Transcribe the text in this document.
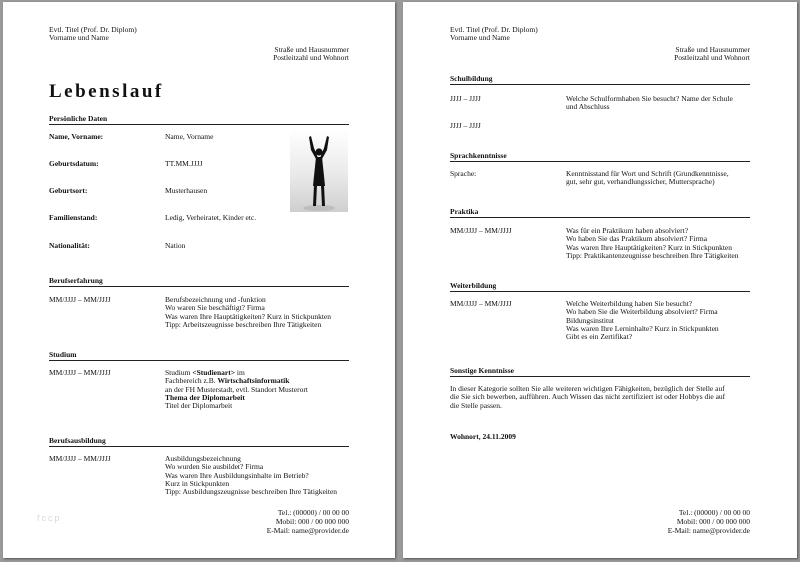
Evtl. Titel (Prof. Dr. Diplom)
Vorname und Name
Straße und Hausnummer
Postleitzahl und Wohnort
Lebenslauf
Persönliche Daten
Name, Vorname:	Name, Vorname
Geburtsdatum:	TT.MM.JJJJ
Geburtsort:	Musterhausen
Familienstand:	Ledig, Verheiratet, Kinder etc.
Nationalität:	Nation
Berufserfahrung
MM/JJJJ – MM/JJJJ	Berufsbezeichnung und -funktion
Wo waren Sie beschäftigt? Firma
Was waren Ihre Hauptätigkeiten? Kurz in Stickpunkten
Tipp: Arbeitszeugnisse beschreiben Ihre Tätigkeiten
Studium
MM/JJJJ – MM/JJJJ	Studium <Studienart> im
Fachbereich z.B. Wirtschaftsinformatik
an der FH Musterstadt, evtl. Standort Musterort
Thema der Diplomarbeit
Titel der Diplomarbeit
Berufsausbildung
MM/JJJJ – MM/JJJJ	Ausbildungsbezeichnung
Wo wurden Sie ausbildet? Firma
Was waren Ihre Ausbildungsinhalte im Betrieb?
Kurz in Stickpunkten
Tipp: Ausbildungszeugnisse beschreiben Ihre Tätigkeiten
fccp
Tel.: (00000) / 00 00 00
Mobil: 000 / 00 000 000
E-Mail: name@provider.de
Evtl. Titel (Prof. Dr. Diplom)
Vorname und Name
Straße und Hausnummer
Postleitzahl und Wohnort
Schulbildung
JJJJ – JJJJ	Welche Schulformhaben Sie besucht? Name der Schule
und Abschluss
JJJJ – JJJJ
Sprachkenntnisse
Sprache:	Kenntnisstand für Wort und Schrift (Grundkenntnisse,
gut, sehr gut, verhandlungssicher, Muttersprache)
Praktika
MM/JJJJ – MM/JJJJ	Was für ein Praktikum haben absolviert?
Wo haben Sie das Praktikum absolviert? Firma
Was waren Ihre Hauptätigkeiten? Kurz in Stickpunkten
Tipp: Praktikantenzeugnisse beschreiben Ihre Tätigkeiten
Weiterbildung
MM/JJJJ – MM/JJJJ	Welche Weiterbildung haben Sie besucht?
Wo haben Sie die Weiterbildung absolviert? Firma
Bildungsinstitut
Was waren Ihre Lerninhalte? Kurz in Stickpunkten
Gibt es ein Zertifikat?
Sonstige Kenntnisse
In dieser Kategorie sollten Sie alle weiteren wichtigen Fähigkeiten, bezüglich der Stelle auf
die Sie sich bewerben, aufführen. Auch Wissen das nicht zertifiziert ist oder Hobbys die auf
die Stelle passen.
Wohnort, 24.11.2009
Tel.: (00000) / 00 00 00
Mobil: 000 / 00 000 000
E-Mail: name@provider.de
